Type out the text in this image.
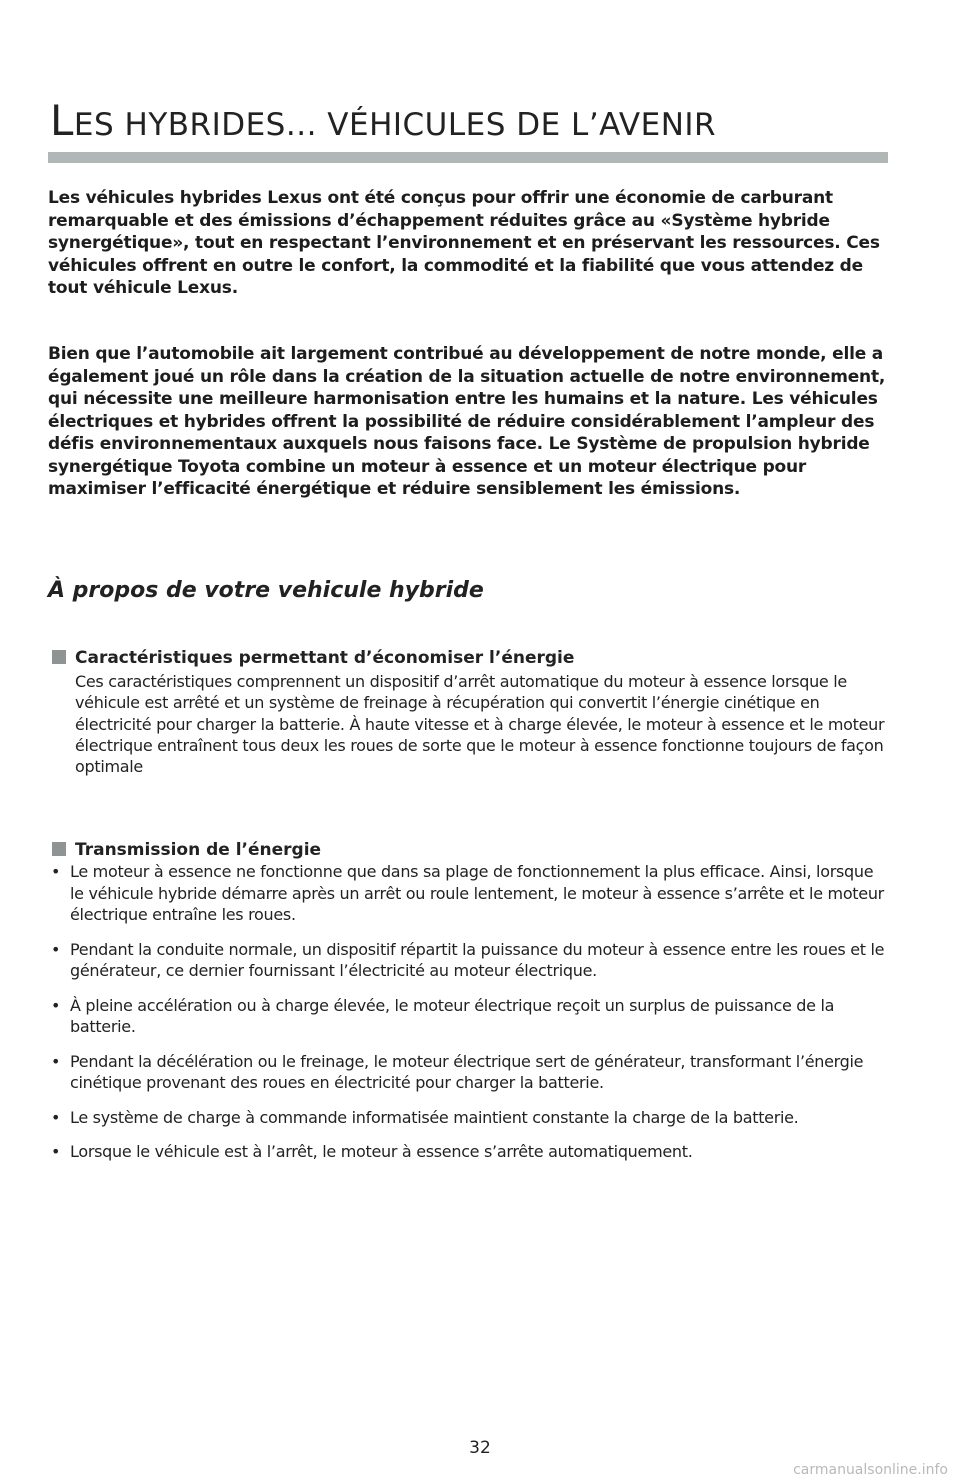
LES HYBRIDES... VÉHICULES DE L’AVENIR

Les véhicules hybrides Lexus ont été conçus pour offrir une économie de carburant remarquable et des émissions d’échappement réduites grâce au «Système hybride synergétique», tout en respectant l’environnement et en préservant les ressources. Ces véhicules offrent en outre le confort, la commodité et la fiabilité que vous attendez de tout véhicule Lexus.

Bien que l’automobile ait largement contribué au développement de notre monde, elle a également joué un rôle dans la création de la situation actuelle de notre environnement, qui nécessite une meilleure harmonisation entre les humains et la nature. Les véhicules électriques et hybrides offrent la possibilité de réduire considérablement l’ampleur des défis environnementaux auxquels nous faisons face. Le Système de propulsion hybride synergétique Toyota combine un moteur à essence et un moteur électrique pour maximiser l’efficacité énergétique et réduire sensiblement les émissions.

À propos de votre vehicule hybride
Caractéristiques permettant d’économiser l’énergie

Ces caractéristiques comprennent un dispositif d’arrêt automatique du moteur à essence lorsque le véhicule est arrêté et un système de freinage à récupération qui convertit l’énergie cinétique en électricité pour charger la batterie. À haute vitesse et à charge élevée, le moteur à essence et le moteur électrique entraînent tous deux les roues de sorte que le moteur à essence fonctionne toujours de façon optimale

Transmission de l’énergie
• Le moteur à essence ne fonctionne que dans sa plage de fonctionnement la plus efficace. Ainsi, lorsque le véhicule hybride démarre après un arrêt ou roule lentement, le moteur à essence s’arrête et le moteur électrique entraîne les roues.
• Pendant la conduite normale, un dispositif répartit la puissance du moteur à essence entre les roues et le générateur, ce dernier fournissant l’électricité au moteur électrique.
• À pleine accélération ou à charge élevée, le moteur électrique reçoit un surplus de puissance de la batterie.
• Pendant la décélération ou le freinage, le moteur électrique sert de générateur, transformant l’énergie cinétique provenant des roues en électricité pour charger la batterie.
• Le système de charge à commande informatisée maintient constante la charge de la batterie.
• Lorsque le véhicule est à l’arrêt, le moteur à essence s’arrête automatiquement.
32
carmanualsonline.info
